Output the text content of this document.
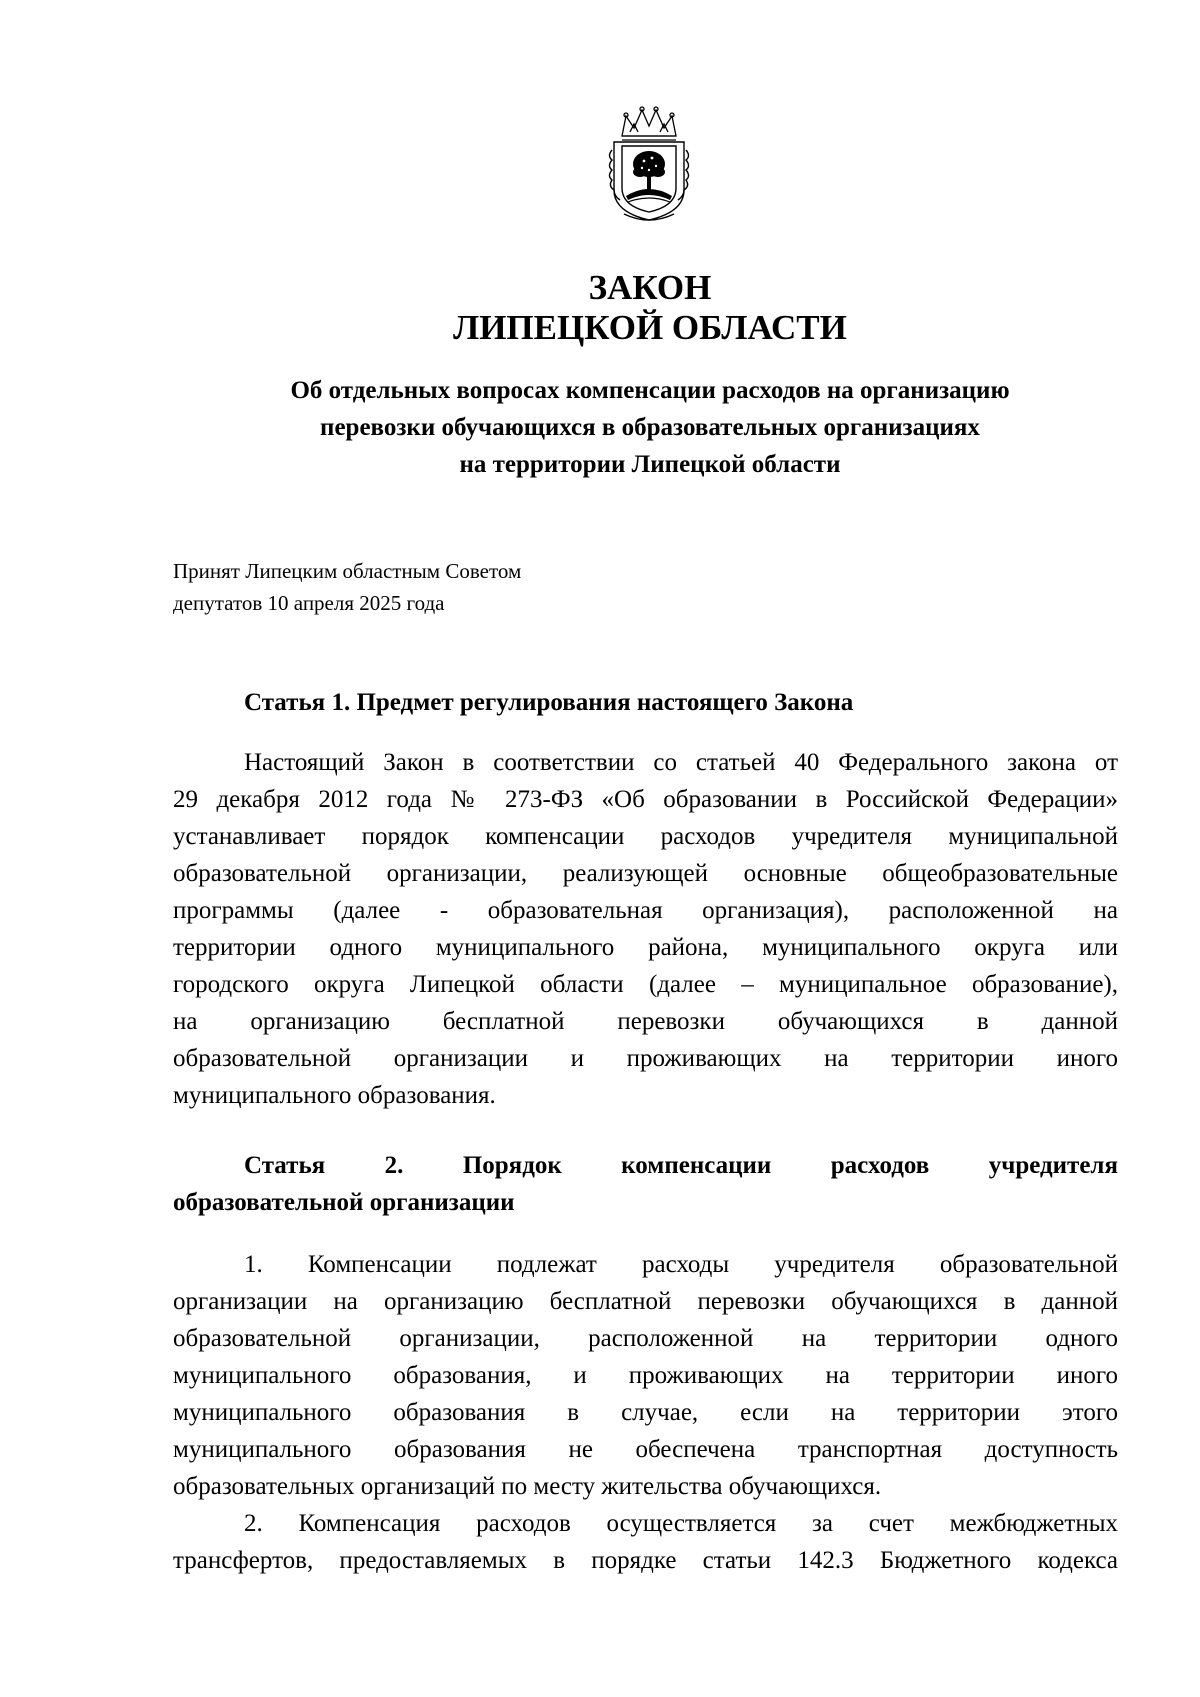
ЗАКОН
ЛИПЕЦКОЙ ОБЛАСТИ
Об отдельных вопросах компенсации расходов на организацию
перевозки обучающихся в образовательных организациях
на территории Липецкой области
Принят Липецким областным Советом
депутатов 10 апреля 2025 года
Статья 1. Предмет регулирования настоящего Закона
Настоящий Закон в соответствии со статьей 40 Федерального закона от
29 декабря 2012 года № 273-ФЗ «Об образовании в Российской Федерации»
устанавливает порядок компенсации расходов учредителя муниципальной
образовательной организации, реализующей основные общеобразовательные
программы (далее - образовательная организация), расположенной на
территории одного муниципального района, муниципального округа или
городского округа Липецкой области (далее – муниципальное образование),
на организацию бесплатной перевозки обучающихся в данной
образовательной организации и проживающих на территории иного
муниципального образования.
Статья 2. Порядок компенсации расходов учредителя
образовательной организации
1. Компенсации подлежат расходы учредителя образовательной
организации на организацию бесплатной перевозки обучающихся в данной
образовательной организации, расположенной на территории одного
муниципального образования, и проживающих на территории иного
муниципального образования в случае, если на территории этого
муниципального образования не обеспечена транспортная доступность
образовательных организаций по месту жительства обучающихся.
2. Компенсация расходов осуществляется за счет межбюджетных
трансфертов, предоставляемых в порядке статьи 142.3 Бюджетного кодекса
